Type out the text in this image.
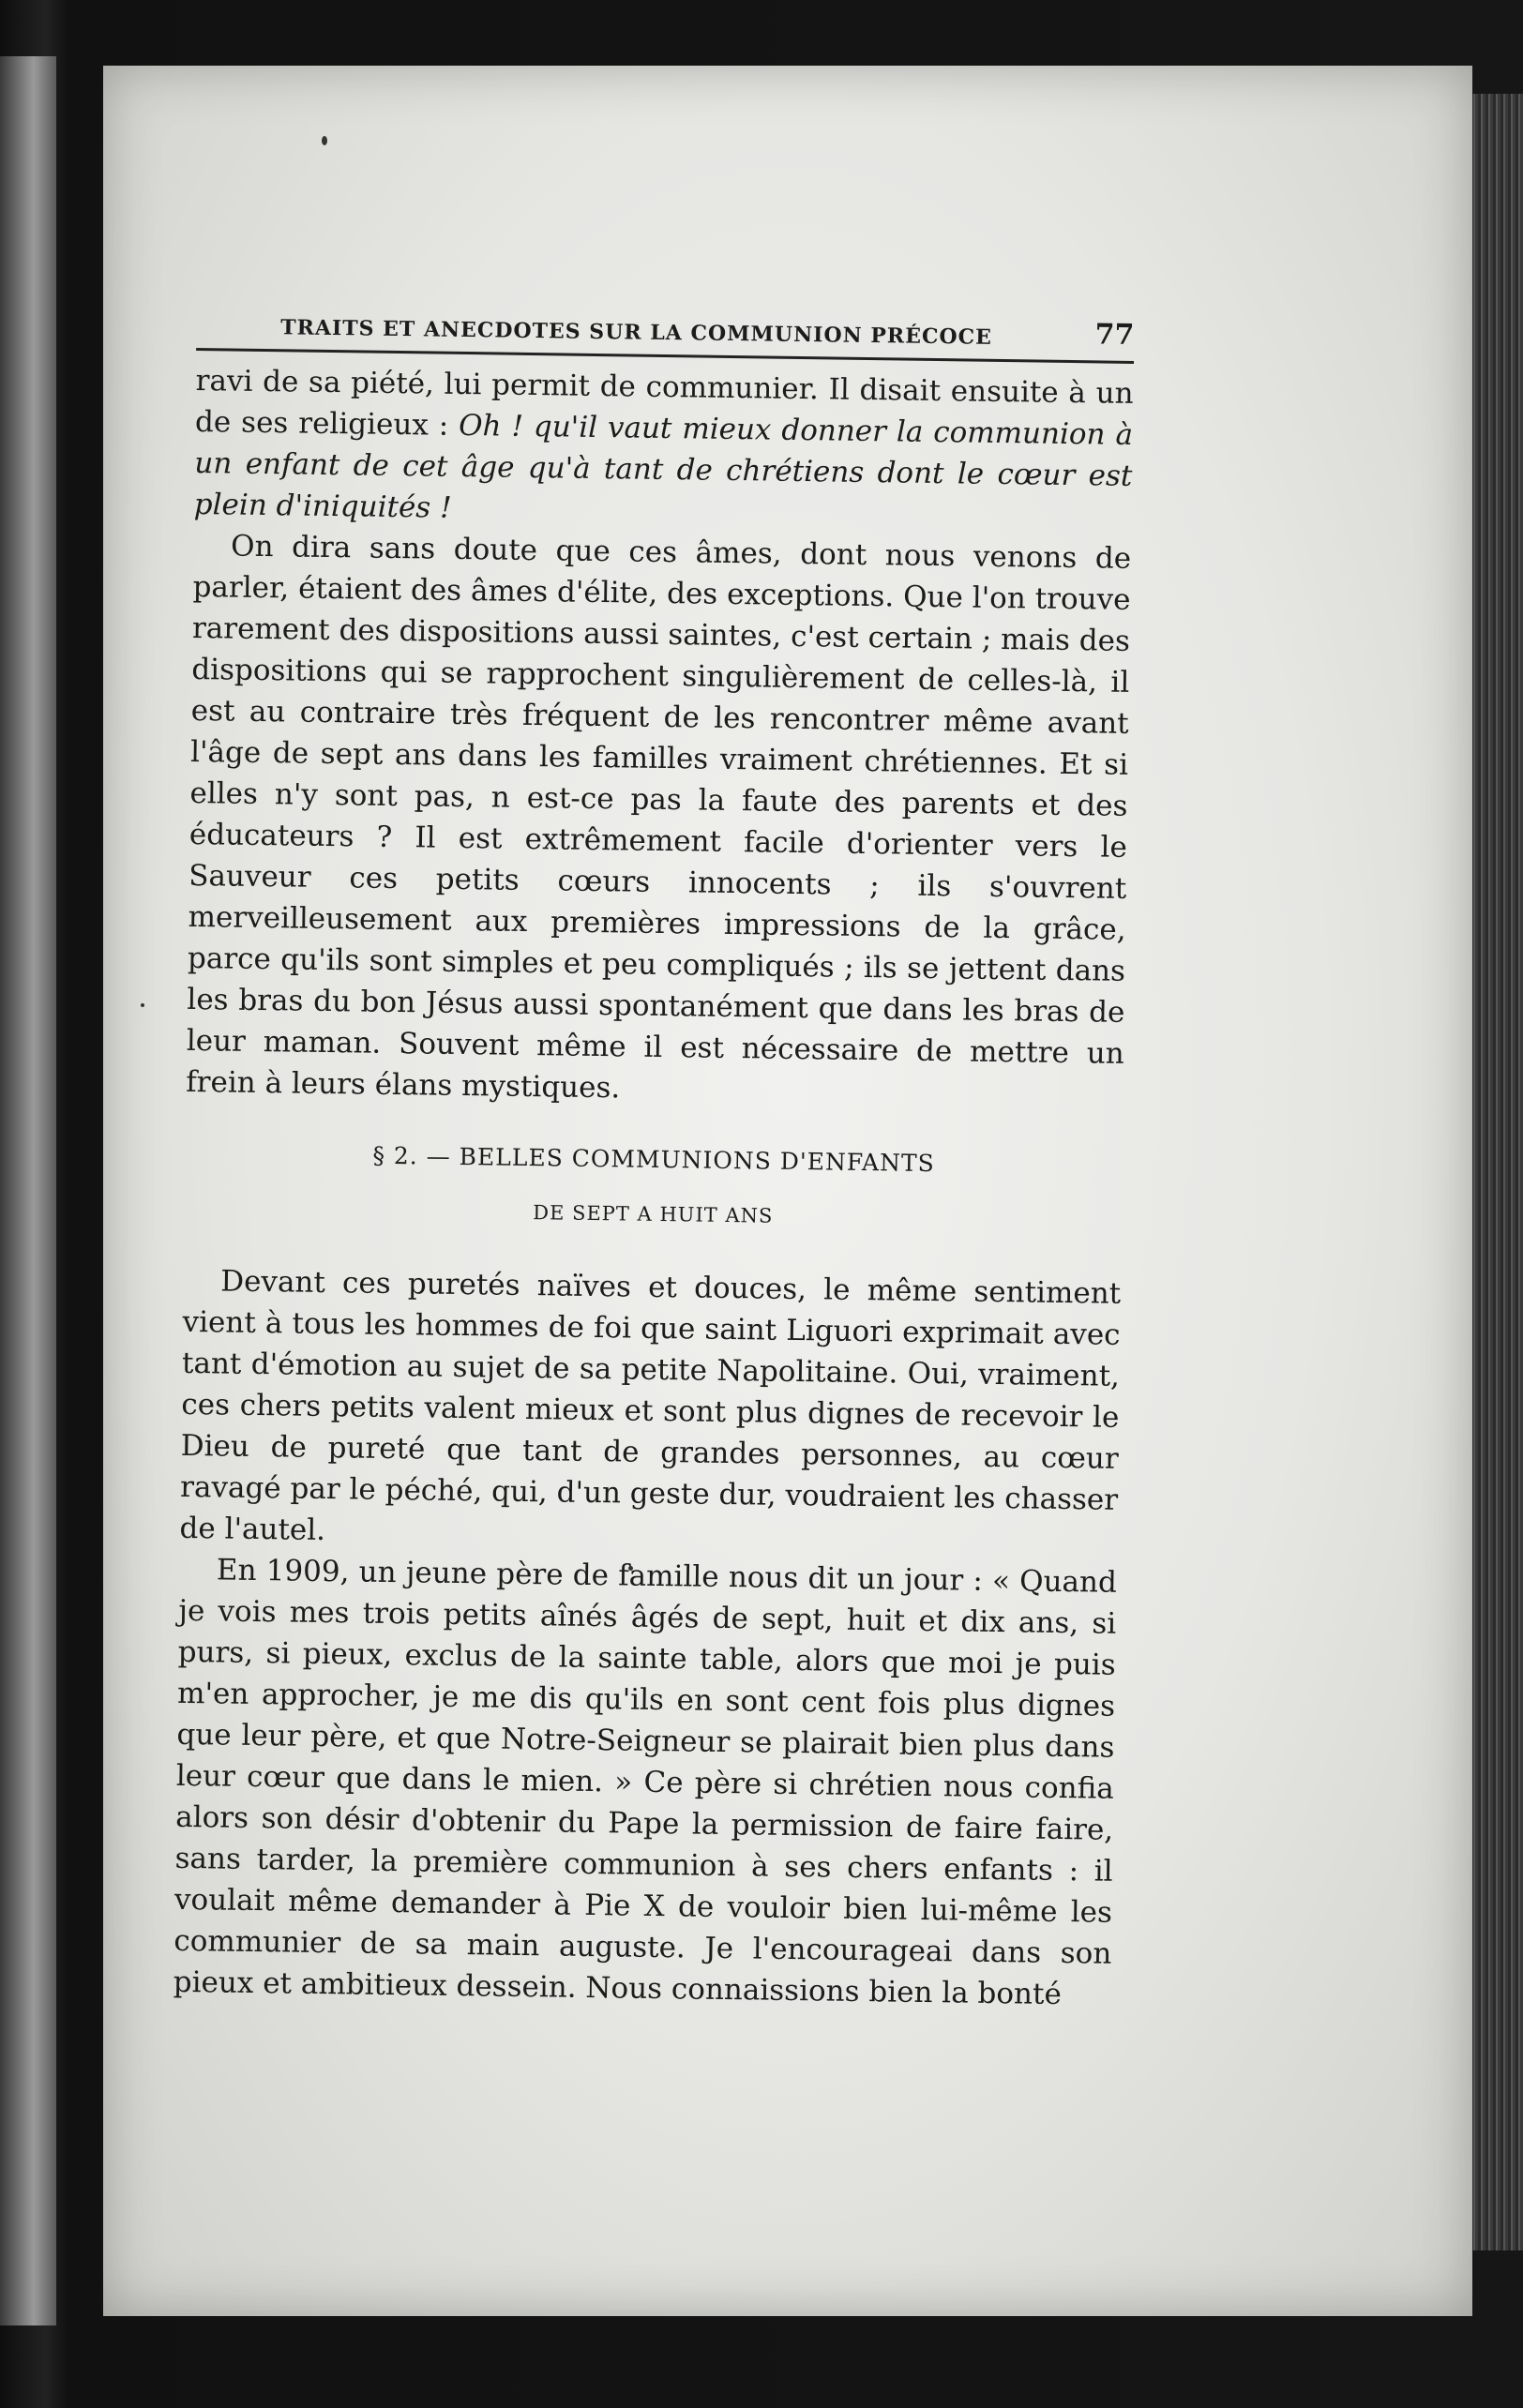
TRAITS ET ANECDOTES SUR LA COMMUNION PRÉCOCE	77

ravi de sa piété, lui permit de communier. Il disait ensuite à un de ses religieux : Oh ! qu'il vaut mieux donner la communion à un enfant de cet âge qu'à tant de chrétiens dont le cœur est plein d'iniquités !

On dira sans doute que ces âmes, dont nous venons de parler, étaient des âmes d'élite, des exceptions. Que l'on trouve rarement des dispositions aussi saintes, c'est certain ; mais des dispositions qui se rapprochent singulièrement de celles-là, il est au contraire très fréquent de les rencontrer même avant l'âge de sept ans dans les familles vraiment chrétiennes. Et si elles n'y sont pas, n est-ce pas la faute des parents et des éducateurs ? Il est extrêmement facile d'orienter vers le Sauveur ces petits cœurs innocents ; ils s'ouvrent merveilleusement aux premières impressions de la grâce, parce qu'ils sont simples et peu compliqués ; ils se jettent dans les bras du bon Jésus aussi spontanément que dans les bras de leur maman. Souvent même il est nécessaire de mettre un frein à leurs élans mystiques.

§ 2. — BELLES COMMUNIONS D'ENFANTS
DE SEPT A HUIT ANS

Devant ces puretés naïves et douces, le même sentiment vient à tous les hommes de foi que saint Liguori exprimait avec tant d'émotion au sujet de sa petite Napolitaine. Oui, vraiment, ces chers petits valent mieux et sont plus dignes de recevoir le Dieu de pureté que tant de grandes personnes, au cœur ravagé par le péché, qui, d'un geste dur, voudraient les chasser de l'autel.

En 1909, un jeune père de famille nous dit un jour : « Quand je vois mes trois petits aînés âgés de sept, huit et dix ans, si purs, si pieux, exclus de la sainte table, alors que moi je puis m'en approcher, je me dis qu'ils en sont cent fois plus dignes que leur père, et que Notre-Seigneur se plairait bien plus dans leur cœur que dans le mien. » Ce père si chrétien nous confia alors son désir d'obtenir du Pape la permission de faire faire, sans tarder, la première communion à ses chers enfants : il voulait même demander à Pie X de vouloir bien lui-même les communier de sa main auguste. Je l'encourageai dans son pieux et ambitieux dessein. Nous connaissions bien la bonté
